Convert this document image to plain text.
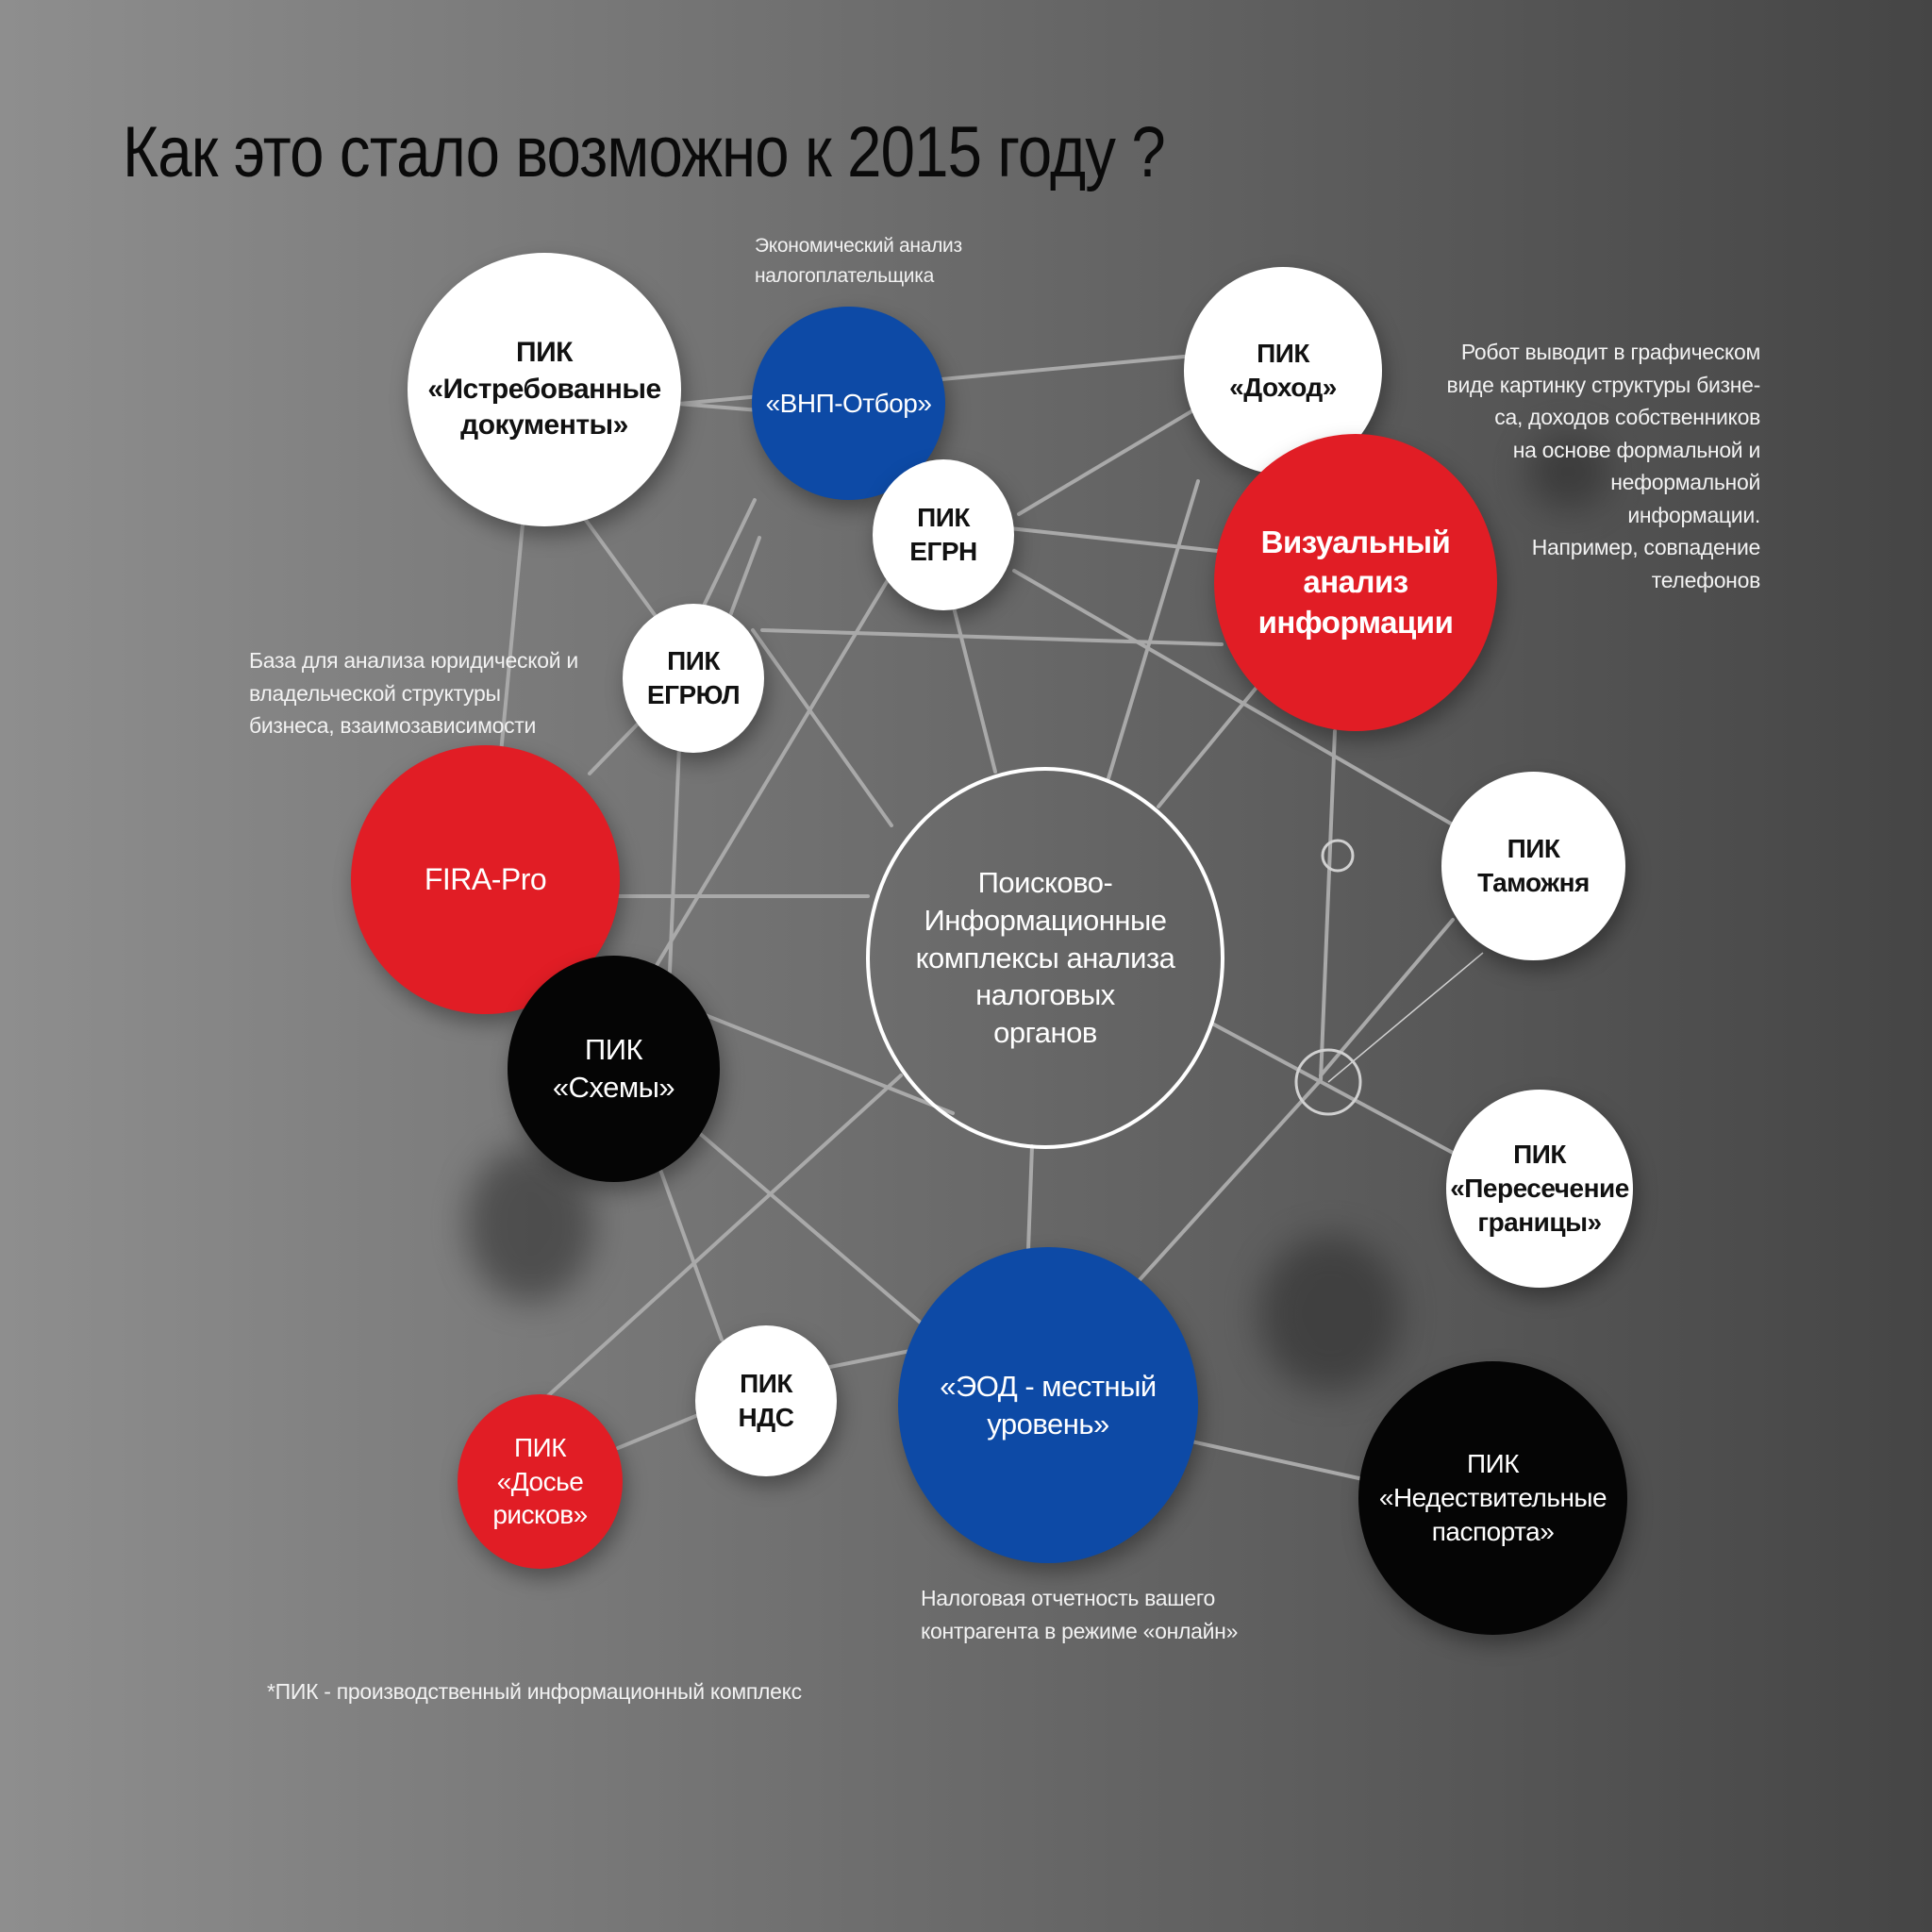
Как это стало возможно к 2015 году ?
Экономический анализ
налогоплательщика
Робот выводит в графическом
виде картинку структуры бизне-
са, доходов собственников
на основе формальной и
неформальной
информации.
Например, совпадение
телефонов
База для анализа юридической и
владельческой структуры
бизнеса, взаимозависимости
Налоговая отчетность вашего
контрагента в режиме «онлайн»
*ПИК - производственный информационный комплекс
ПИК
«Истребованные
документы»
«ВНП-Отбор»
ПИК
ЕГРН
ПИК
«Доход»
Визуальный
анализ
информации
ПИК
ЕГРЮЛ
Поисково-
Информационные
комплексы анализа
налоговых
органов
FIRA-Pro
ПИК
Таможня
ПИК
«Схемы»
ПИК
«Пересечение
границы»
ПИК
НДС
«ЭОД - местный
уровень»
ПИК
«Досье
рисков»
ПИК
«Недествительные
паспорта»
